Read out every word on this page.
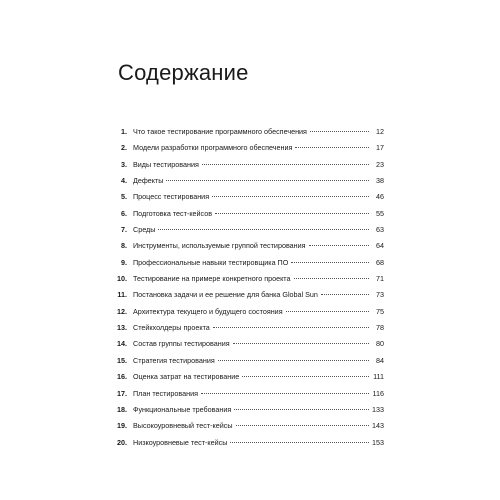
Содержание
1. Что такое тестирование программного обеспечения	12
2. Модели разработки программного обеспечения	17
3. Виды тестирования	23
4. Дефекты	38
5. Процесс тестирования	46
6. Подготовка тест-кейсов	55
7. Среды	63
8. Инструменты, используемые группой тестирования	64
9. Профессиональные навыки тестировщика ПО	68
10. Тестирование на примере конкретного проекта	71
11. Постановка задачи и ее решение для банка Global Sun	73
12. Архитектура текущего и будущего состояния	75
13. Стейкхолдеры проекта	78
14. Состав группы тестирования	80
15. Стратегия тестирования	84
16. Оценка затрат на тестирование	111
17. План тестирования	116
18. Функциональные требования	133
19. Высокоуровневый тест-кейсы	143
20. Низкоуровневые тест-кейсы	153
